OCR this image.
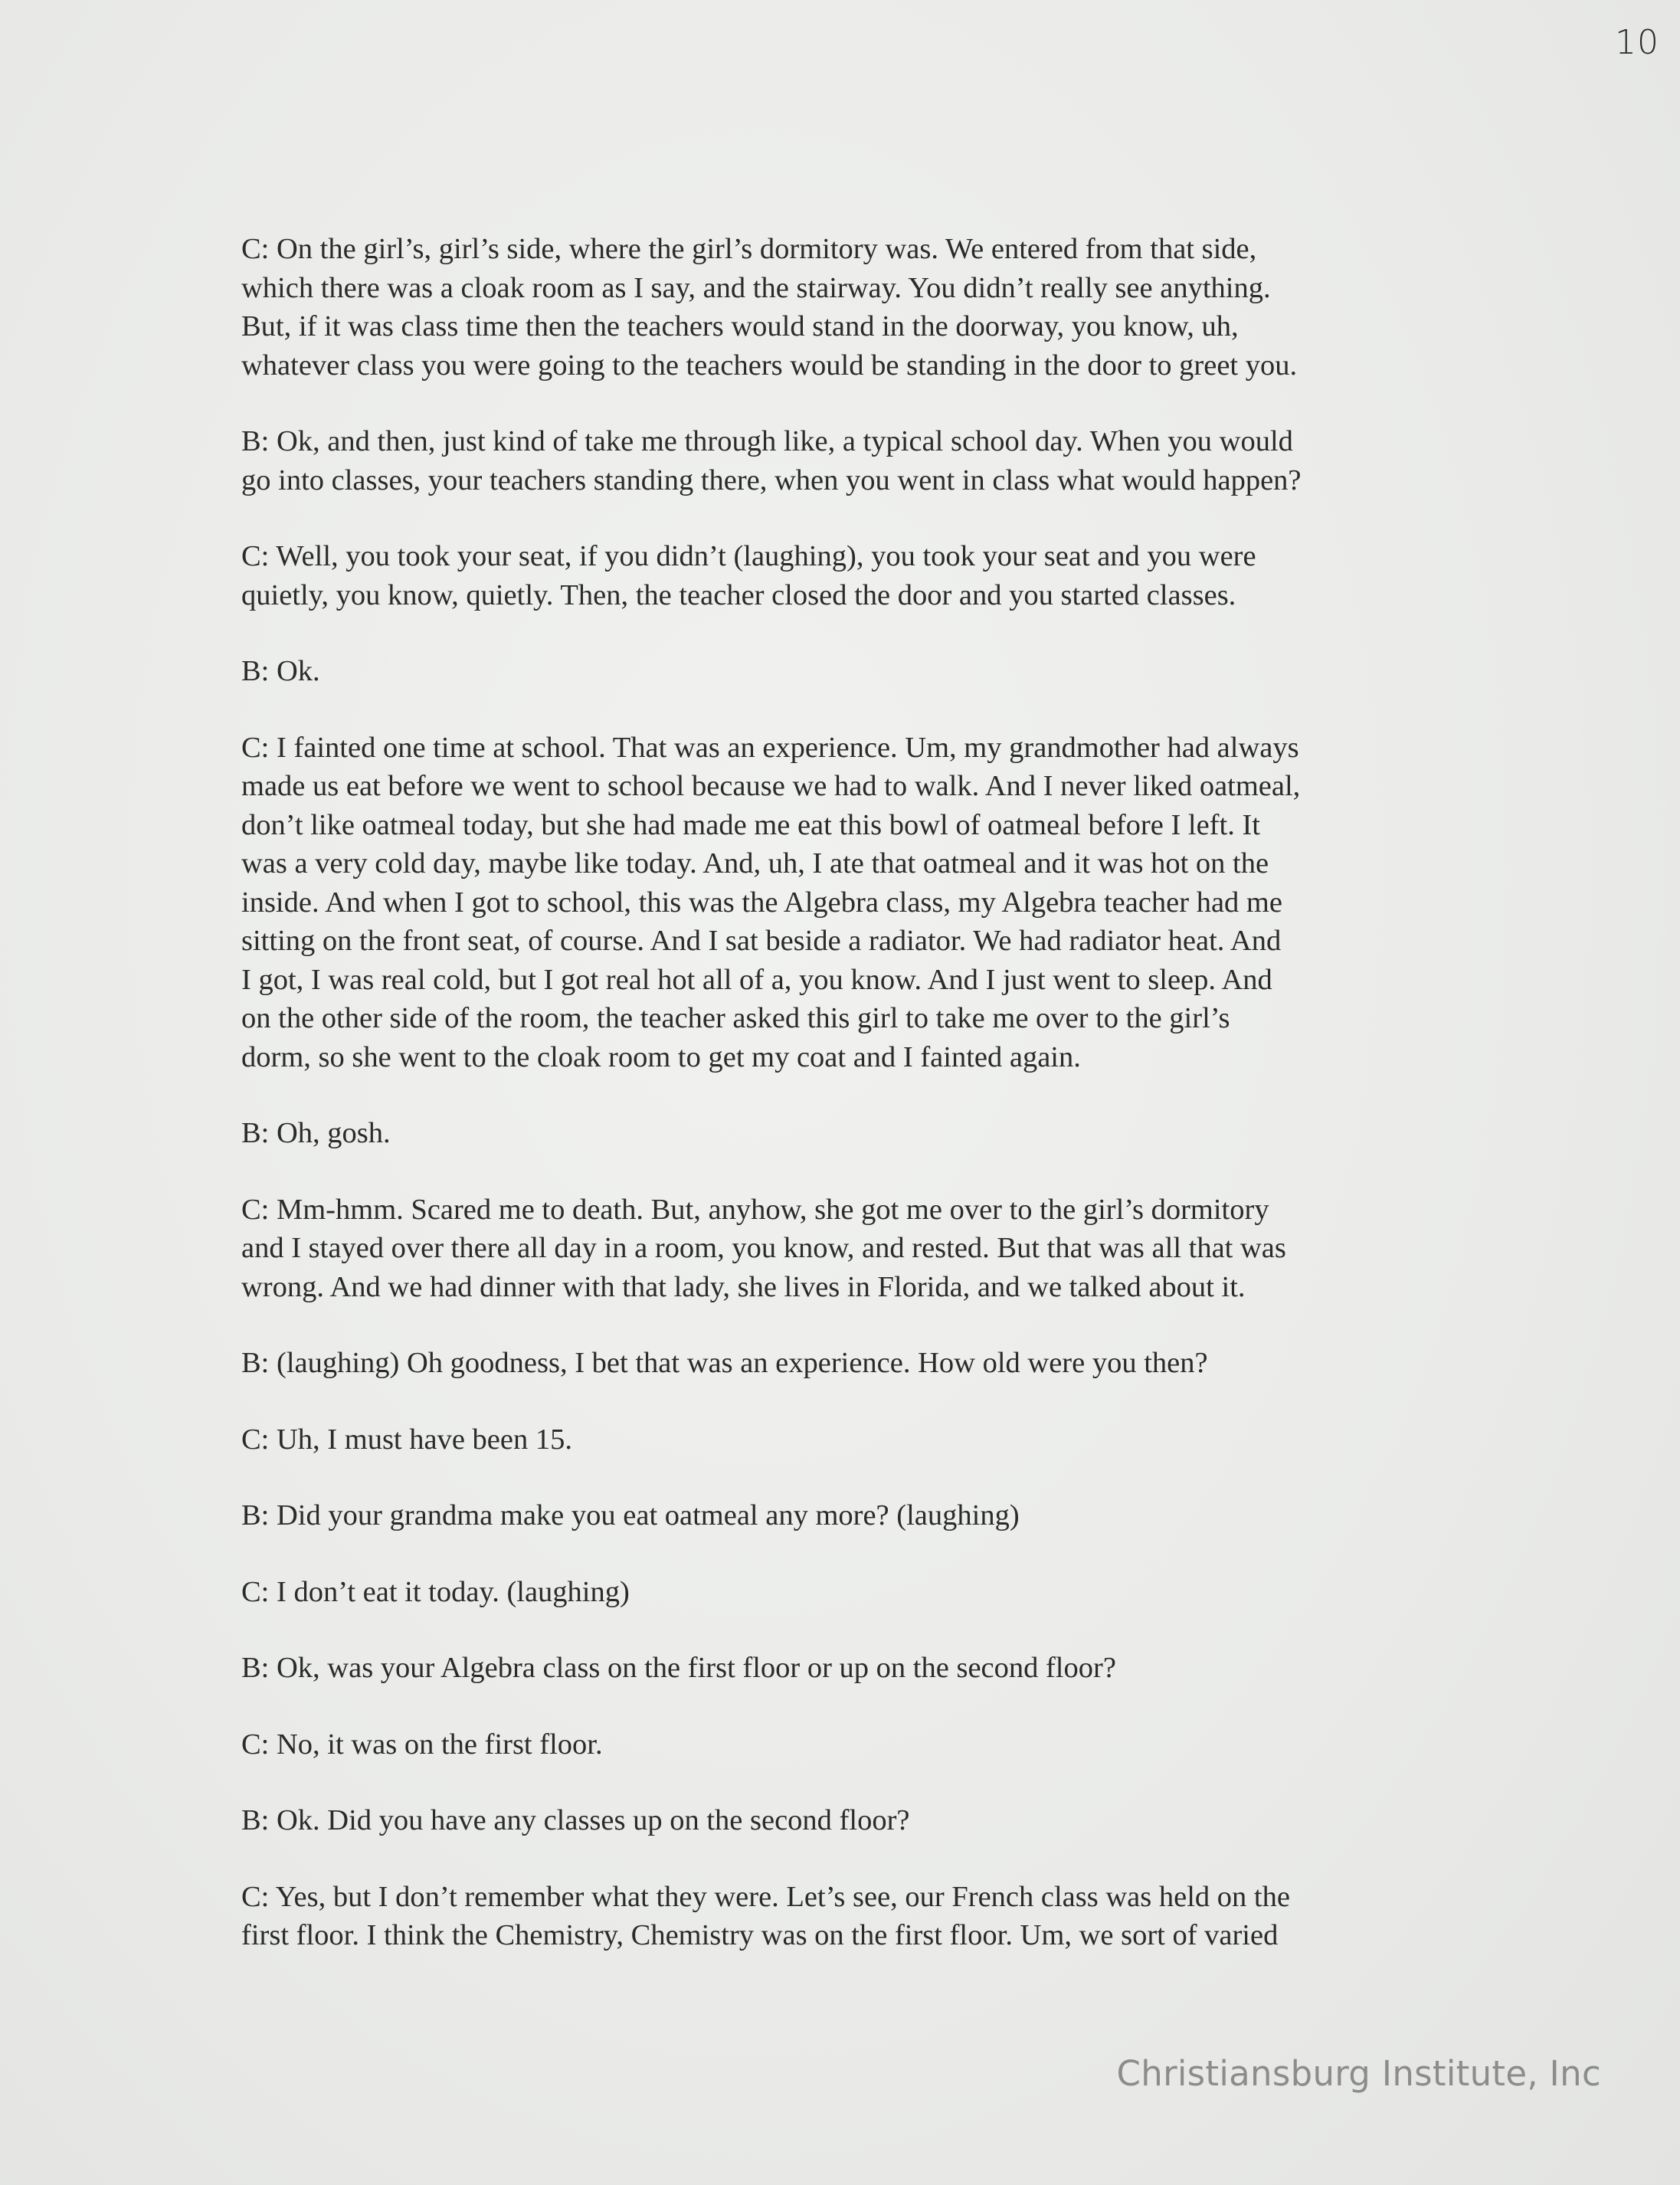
10

C: On the girl’s, girl’s side, where the girl’s dormitory was. We entered from that side,
which there was a cloak room as I say, and the stairway. You didn’t really see anything.
But, if it was class time then the teachers would stand in the doorway, you know, uh,
whatever class you were going to the teachers would be standing in the door to greet you.

B: Ok, and then, just kind of take me through like, a typical school day. When you would
go into classes, your teachers standing there, when you went in class what would happen?

C: Well, you took your seat, if you didn’t (laughing), you took your seat and you were
quietly, you know, quietly. Then, the teacher closed the door and you started classes.

B: Ok.

C: I fainted one time at school. That was an experience. Um, my grandmother had always
made us eat before we went to school because we had to walk. And I never liked oatmeal,
don’t like oatmeal today, but she had made me eat this bowl of oatmeal before I left. It
was a very cold day, maybe like today. And, uh, I ate that oatmeal and it was hot on the
inside. And when I got to school, this was the Algebra class, my Algebra teacher had me
sitting on the front seat, of course. And I sat beside a radiator. We had radiator heat. And
I got, I was real cold, but I got real hot all of a, you know. And I just went to sleep. And
on the other side of the room, the teacher asked this girl to take me over to the girl’s
dorm, so she went to the cloak room to get my coat and I fainted again.

B: Oh, gosh.

C: Mm-hmm. Scared me to death. But, anyhow, she got me over to the girl’s dormitory
and I stayed over there all day in a room, you know, and rested. But that was all that was
wrong. And we had dinner with that lady, she lives in Florida, and we talked about it.

B: (laughing) Oh goodness, I bet that was an experience. How old were you then?

C: Uh, I must have been 15.

B: Did your grandma make you eat oatmeal any more? (laughing)

C: I don’t eat it today. (laughing)

B: Ok, was your Algebra class on the first floor or up on the second floor?

C: No, it was on the first floor.

B: Ok. Did you have any classes up on the second floor?

C: Yes, but I don’t remember what they were. Let’s see, our French class was held on the
first floor. I think the Chemistry, Chemistry was on the first floor. Um, we sort of varied

Christiansburg Institute, Inc
